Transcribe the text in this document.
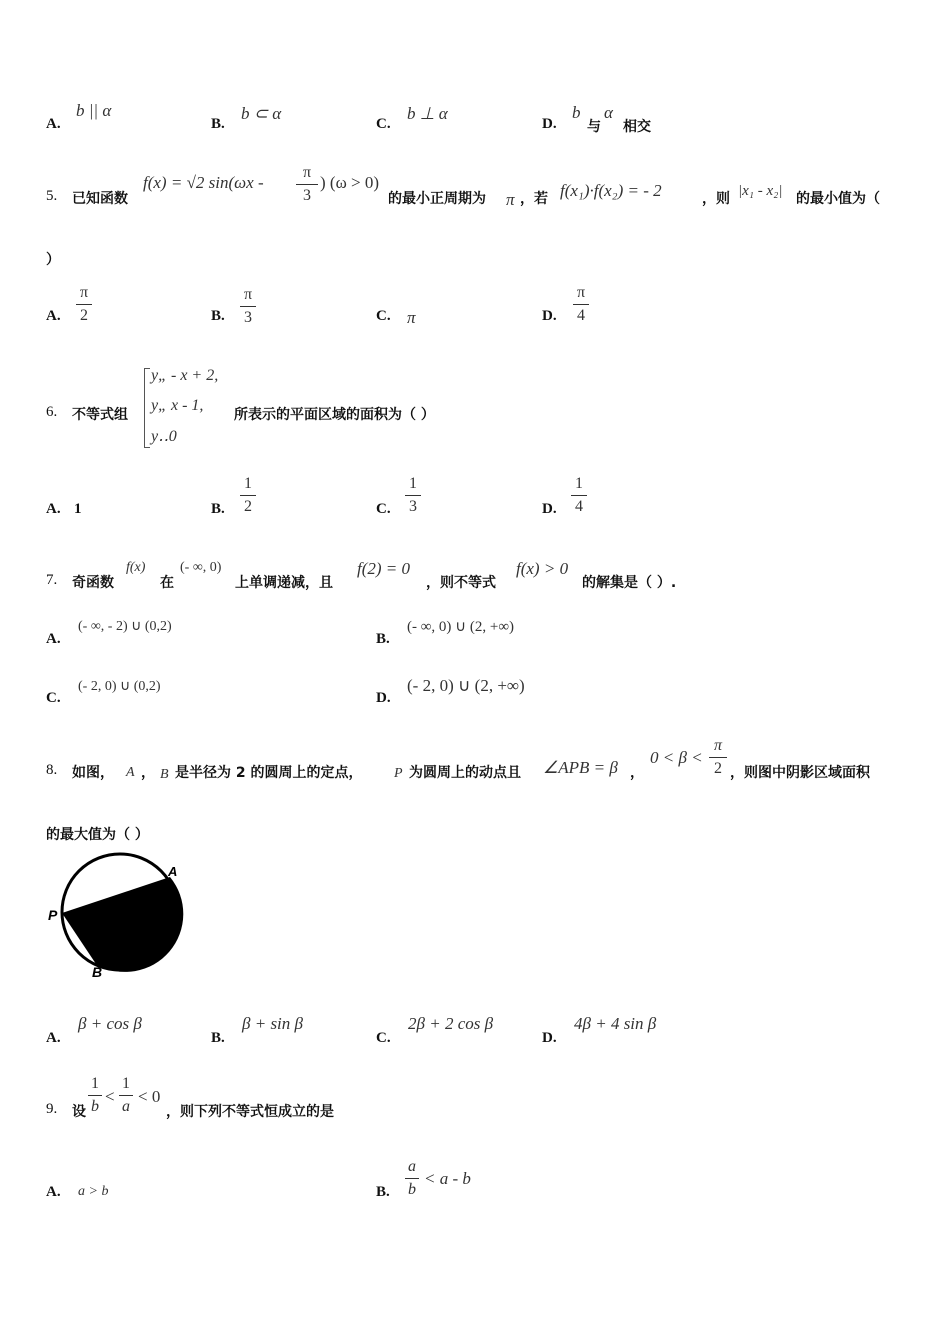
A.
b || α
B.
b ⊂ α
C.
b ⊥ α
D.
b
与
α
相交
5. 已知函数
f(x) = √2 sin(ωx -
π
3
) (ω > 0)
的最小正周期为 π ，若 f(x₁)·f(x₂) = - 2	，则 |x₁ - x₂| 的最小值为（
）
A.
π
2	B.
π
3	C. π	D.
π
4
6. 不等式组
y„ - x + 2,
y„ x - 1,
y‥0
所表示的平面区域的面积为（ ）
A. 1	B.
1
2	C.
1
3	D.
1
4
7. 奇函数
f(x)
在
(- ∞, 0)
上单调递减，且
f(2) = 0
，则不等式
f(x) > 0
的解集是（ ）.
A.
(- ∞, - 2) ∪ (0,2)
B.
(- ∞, 0) ∪ (2, +∞)
C.
(- 2, 0) ∪ (0,2)
D.
(- 2, 0) ∪ (2, +∞)
8. 如图， A ， B 是半径为 2 的圆周上的定点， P 为圆周上的动点且 ∠APB = β ，
0 < β <
π
2 ，则图中阴影区域面积
的最大值为（ ）
A
P
B
A.
β + cos β
B.
β + sin β
C.
2β + 2 cos β
D.
4β + 4 sin β
9. 设
1
b
<
1
a
< 0
，则下列不等式恒成立的是
A. a > b	B.
a
b
< a - b
